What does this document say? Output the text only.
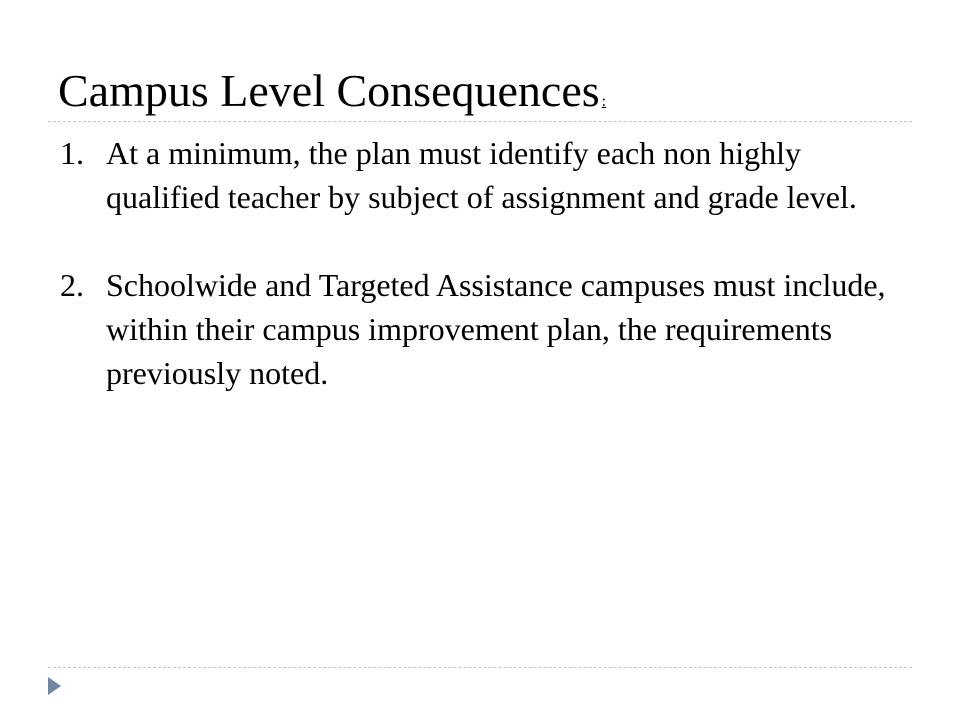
Campus Level Consequences :

1. At a minimum, the plan must identify each non highly qualified teacher by subject of assignment and grade level.

2. Schoolwide and Targeted Assistance campuses must include, within their campus improvement plan, the requirements previously noted.
